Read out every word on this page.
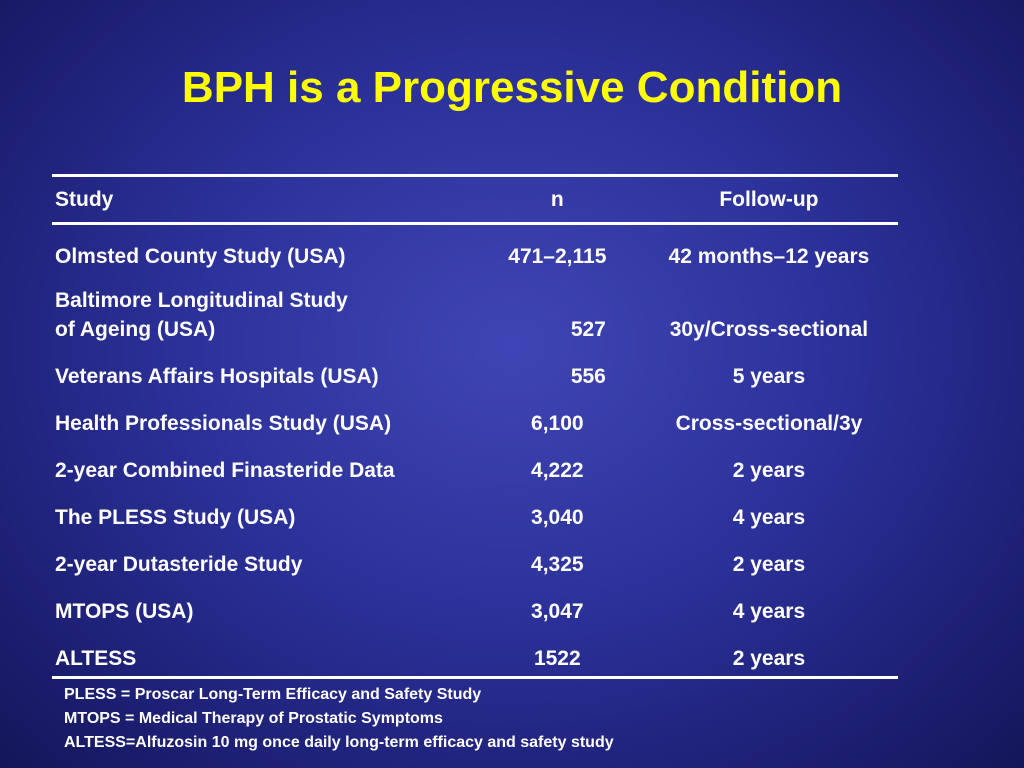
BPH is a Progressive Condition
Study	n	Follow-up
Olmsted County Study (USA)	471–2,115	42 months–12 years

Baltimore Longitudinal Study
of Ageing (USA)	527	30y/Cross-sectional
Veterans Affairs Hospitals (USA)	556	5 years
Health Professionals Study (USA)	6,100	Cross-sectional/3y
2-year Combined Finasteride Data	4,222	2 years
The PLESS Study (USA)	3,040	4 years
2-year Dutasteride Study	4,325	2 years
MTOPS (USA)	3,047	4 years
ALTESS	1522	2 years
PLESS = Proscar Long-Term Efficacy and Safety Study
MTOPS = Medical Therapy of Prostatic Symptoms
ALTESS=Alfuzosin 10 mg once daily long-term efficacy and safety study
